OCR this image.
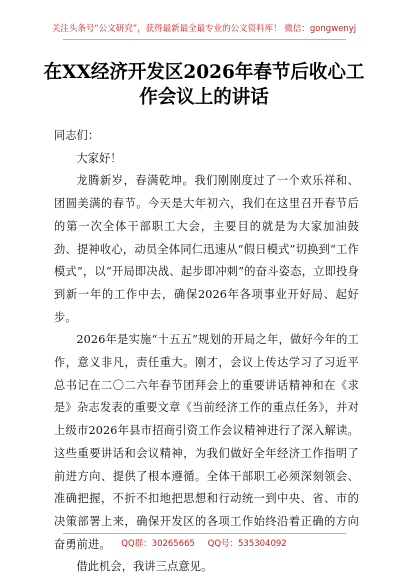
关注头条号“公文研究”，获得最新最全最专业的公文资料库！ 微信：gongwenyj
在XX经济开发区2026年春节后收心工
作会议上的讲话

同志们：

大家好！

龙腾新岁，春满乾坤。我们刚刚度过了一个欢乐祥和、团圆美满的春节。今天是大年初六，我们在这里召开春节后的第一次全体干部职工大会，主要目的就是为大家加油鼓劲、提神收心，动员全体同仁迅速从“假日模式”切换到“工作模式”，以“开局即决战、起步即冲刺”的奋斗姿态，立即投身到新一年的工作中去，确保2026年各项事业开好局、起好步。

2026年是实施“十五五”规划的开局之年，做好今年的工作，意义非凡，责任重大。刚才，会议上传达学习了习近平总书记在二〇二六年春节团拜会上的重要讲话精神和在《求是》杂志发表的重要文章《当前经济工作的重点任务》，并对上级市2026年县市招商引资工作会议精神进行了深入解读。这些重要讲话和会议精神，为我们做好全年经济工作指明了前进方向、提供了根本遵循。全体干部职工必须深刻领会、准确把握，不折不扣地把思想和行动统一到中央、省、市的决策部署上来，确保开发区的各项工作始终沿着正确的方向奋勇前进。

借此机会，我讲三点意见。

QQ群：30265665 QQ号：535304092
